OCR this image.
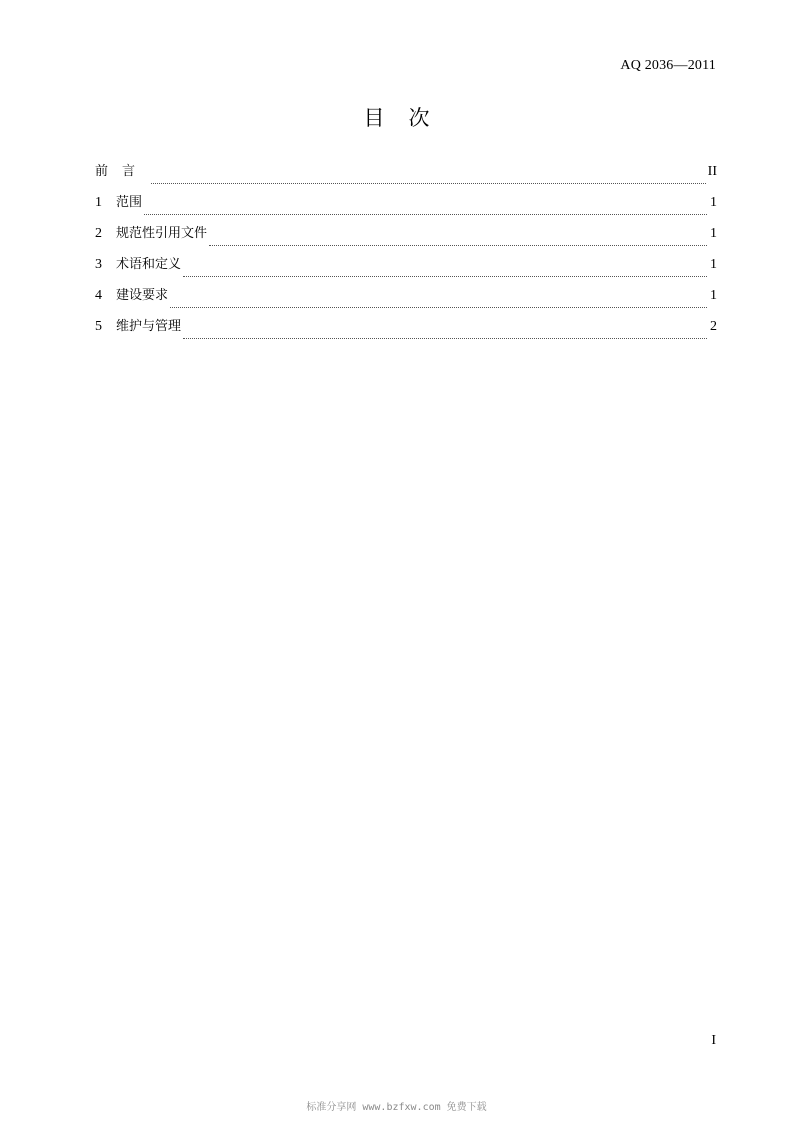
AQ 2036—2011
目次
前言	II
1	范围	1
2	规范性引用文件	1
3	术语和定义	1
4	建设要求	1
5	维护与管理	2
I
标准分享网 www.bzfxw.com 免费下载
